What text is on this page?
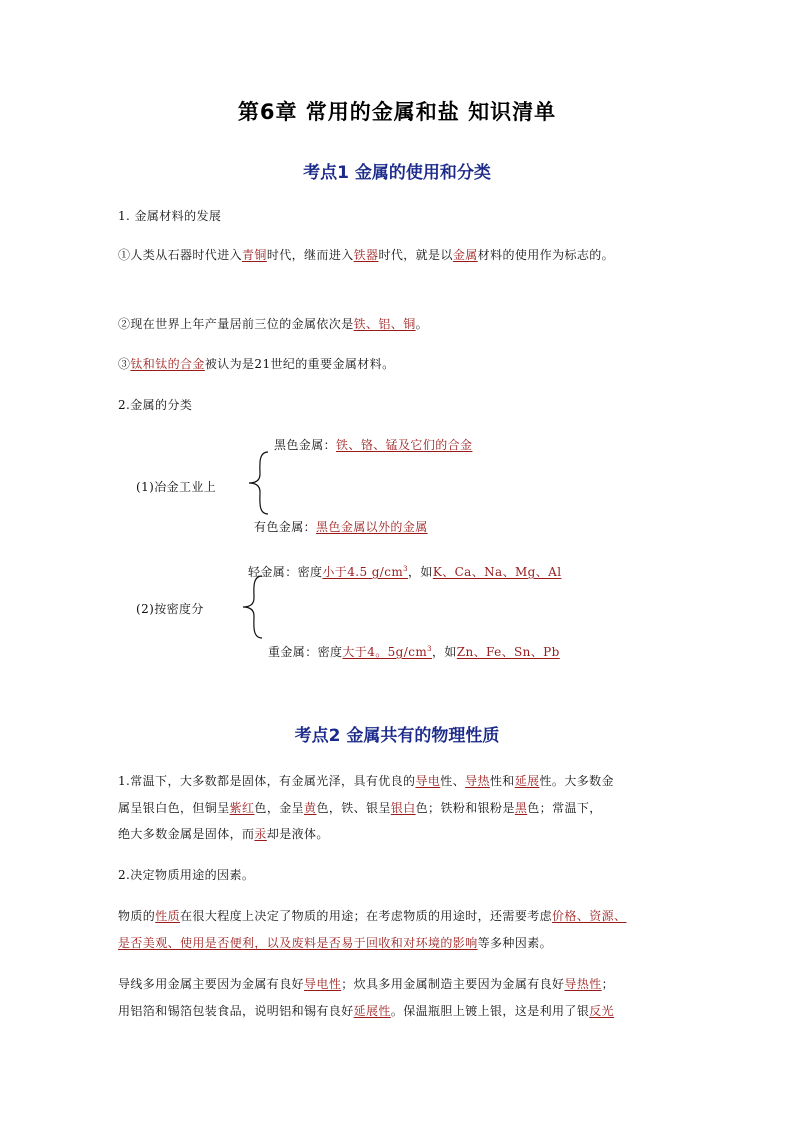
第6章 常用的金属和盐 知识清单
考点1 金属的使用和分类
1. 金属材料的发展
①人类从石器时代进入青铜时代，继而进入铁器时代，就是以金属材料的使用作为标志的。
②现在世界上年产量居前三位的金属依次是铁、铝、铜。
③钛和钛的合金被认为是21世纪的重要金属材料。
2.金属的分类
黑色金属：铁、铬、锰及它们的合金
(1)冶金工业上
有色金属：黑色金属以外的金属
轻金属：密度小于4.5 $g/cm^3$，如K、Ca、Na、Mg、Al
(2)按密度分
重金属：密度大于4。$5g/cm^3$，如Zn、Fe、Sn、Pb
考点2 金属共有的物理性质
1.常温下，大多数都是固体，有金属光泽，具有优良的导电性、导热性和延展性。大多数金
属呈银白色，但铜呈紫红色，金呈黄色，铁、银呈银白色；铁粉和银粉是黑色；常温下，
绝大多数金属是固体，而汞却是液体。
2.决定物质用途的因素。
物质的性质在很大程度上决定了物质的用途；在考虑物质的用途时，还需要考虑价格、资源、
是否美观、使用是否便利，以及废料是否易于回收和对环境的影响等多种因素。
导线多用金属主要因为金属有良好导电性；炊具多用金属制造主要因为金属有良好导热性；
用铝箔和锡箔包装食品，说明铝和锡有良好延展性。保温瓶胆上镀上银，这是利用了银反光
